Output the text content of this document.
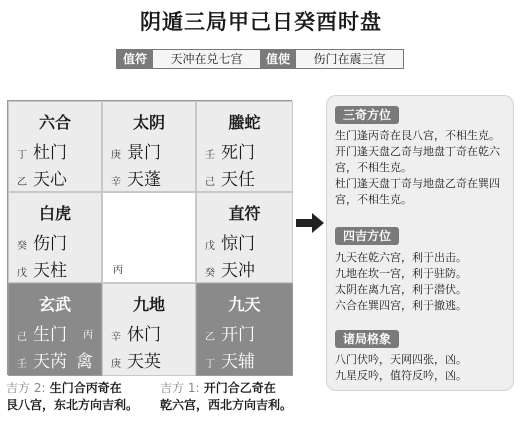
阴遁三局甲己日癸酉时盘
值符	天冲在兑七宫	值使	伤门在震三宫
六合
丁 杜门
乙 天心
太阴
庚 景门
辛 天蓬
螣蛇
壬 死门
己 天任
白虎
癸 伤门
戊 天柱	丙
直符
戊 惊门
癸 天冲
玄武
己 生门 丙
壬 天芮 禽
九地
辛 休门
庚 天英
九天
乙 开门
丁 天辅
吉方 2: 生门合丙奇在
艮八宫，东北方向吉利。
吉方 1: 开门合乙奇在
乾六宫，西北方向吉利。
三奇方位
生门逢丙奇在艮八宫，不相生克。
开门逢天盘乙奇与地盘丁奇在乾六宫，不相生克。
杜门逢天盘丁奇与地盘乙奇在巽四宫，不相生克。
四吉方位
九天在乾六宫，利于出击。
九地在坎一宫，利于驻防。
太阴在离九宫，利于潜伏。
六合在巽四宫，利于撤逃。
诸局格象
八门伏吟，天网四张，凶。
九星反吟，值符反吟，凶。
